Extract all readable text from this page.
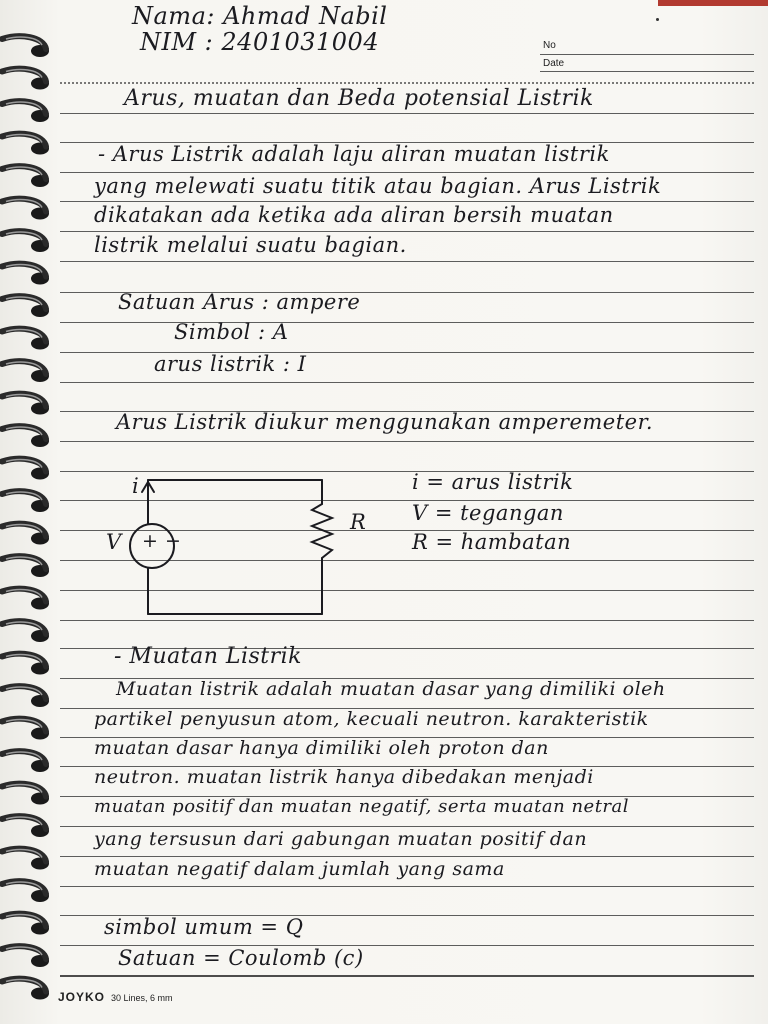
Nama: Ahmad Nabil
NIM : 2401031004	No
Date
Arus, muatan dan Beda potensial Listrik
- Arus Listrik adalah laju aliran muatan listrik
yang melewati suatu titik atau bagian. Arus Listrik
dikatakan ada ketika ada aliran bersih muatan
listrik melalui suatu bagian.
Satuan Arus : ampere
Simbol : A
arus listrik : I
Arus Listrik diukur menggunakan amperemeter.
i
V + −
R
i = arus listrik
V = tegangan
R = hambatan
- Muatan Listrik
Muatan listrik adalah muatan dasar yang dimiliki oleh
partikel penyusun atom, kecuali neutron. karakteristik
muatan dasar hanya dimiliki oleh proton dan
neutron. muatan listrik hanya dibedakan menjadi
muatan positif dan muatan negatif, serta muatan netral
yang tersusun dari gabungan muatan positif dan
muatan negatif dalam jumlah yang sama
simbol umum = Q
Satuan = Coulomb (c)
JOYKO 30 Lines, 6 mm
